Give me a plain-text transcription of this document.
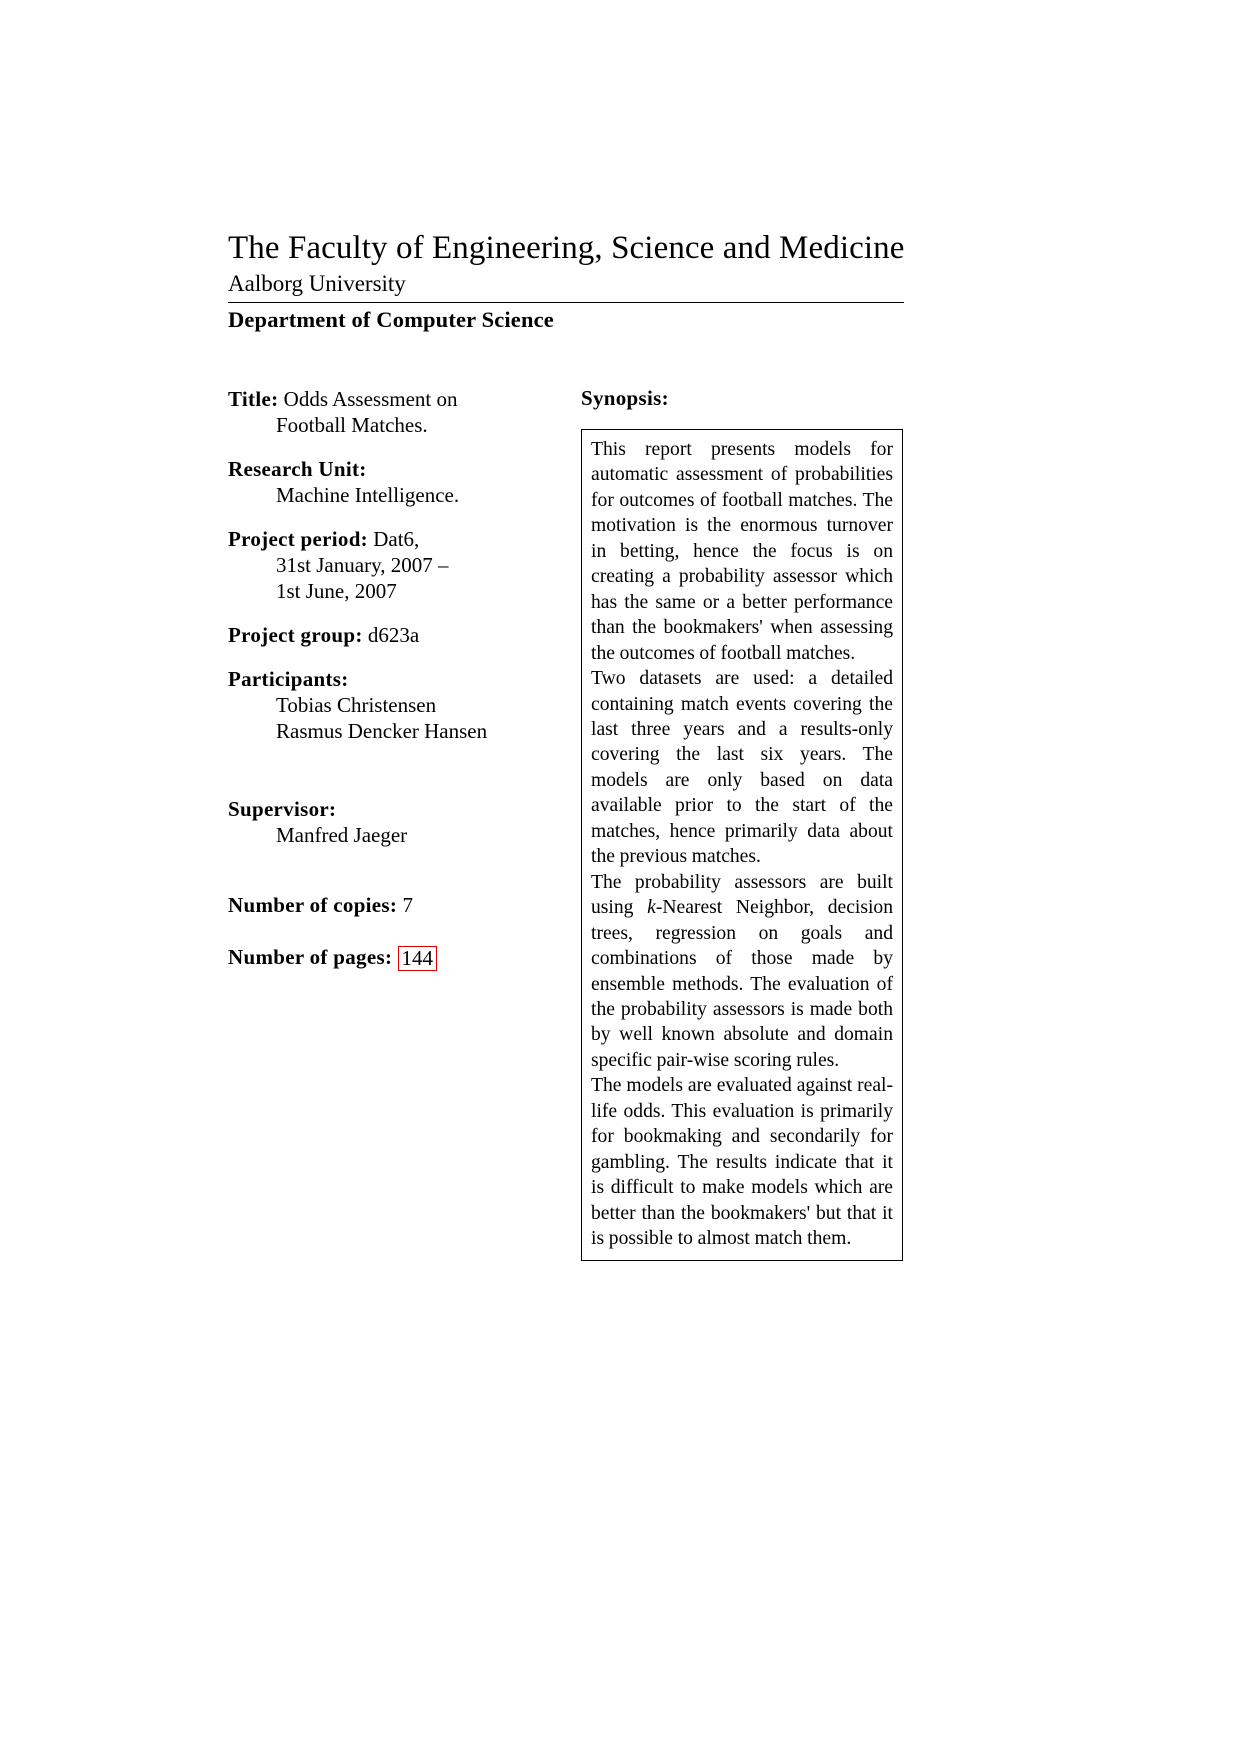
The Faculty of Engineering, Science and Medicine
Aalborg University
Department of Computer Science
Title: Odds Assessment on
Football Matches.
Research Unit:
Machine Intelligence.
Project period: Dat6,
31st January, 2007 –
1st June, 2007
Project group: d623a
Participants:
Tobias Christensen
Rasmus Dencker Hansen
Supervisor:
Manfred Jaeger
Number of copies: 7
Number of pages: 144
Synopsis:

This report presents models for automatic assessment of probabilities for outcomes of football matches. The motivation is the enormous turnover in betting, hence the focus is on creating a probability assessor which has the same or a better performance than the bookmakers' when assessing the outcomes of football matches.

Two datasets are used: a detailed containing match events covering the last three years and a results-only covering the last six years. The models are only based on data available prior to the start of the matches, hence primarily data about the previous matches.

The probability assessors are built using k-Nearest Neighbor, decision trees, regression on goals and combinations of those made by ensemble methods. The evaluation of the probability assessors is made both by well known absolute and domain specific pair-wise scoring rules.

The models are evaluated against real-life odds. This evaluation is primarily for bookmaking and secondarily for gambling. The results indicate that it is difficult to make models which are better than the bookmakers' but that it is possible to almost match them.
